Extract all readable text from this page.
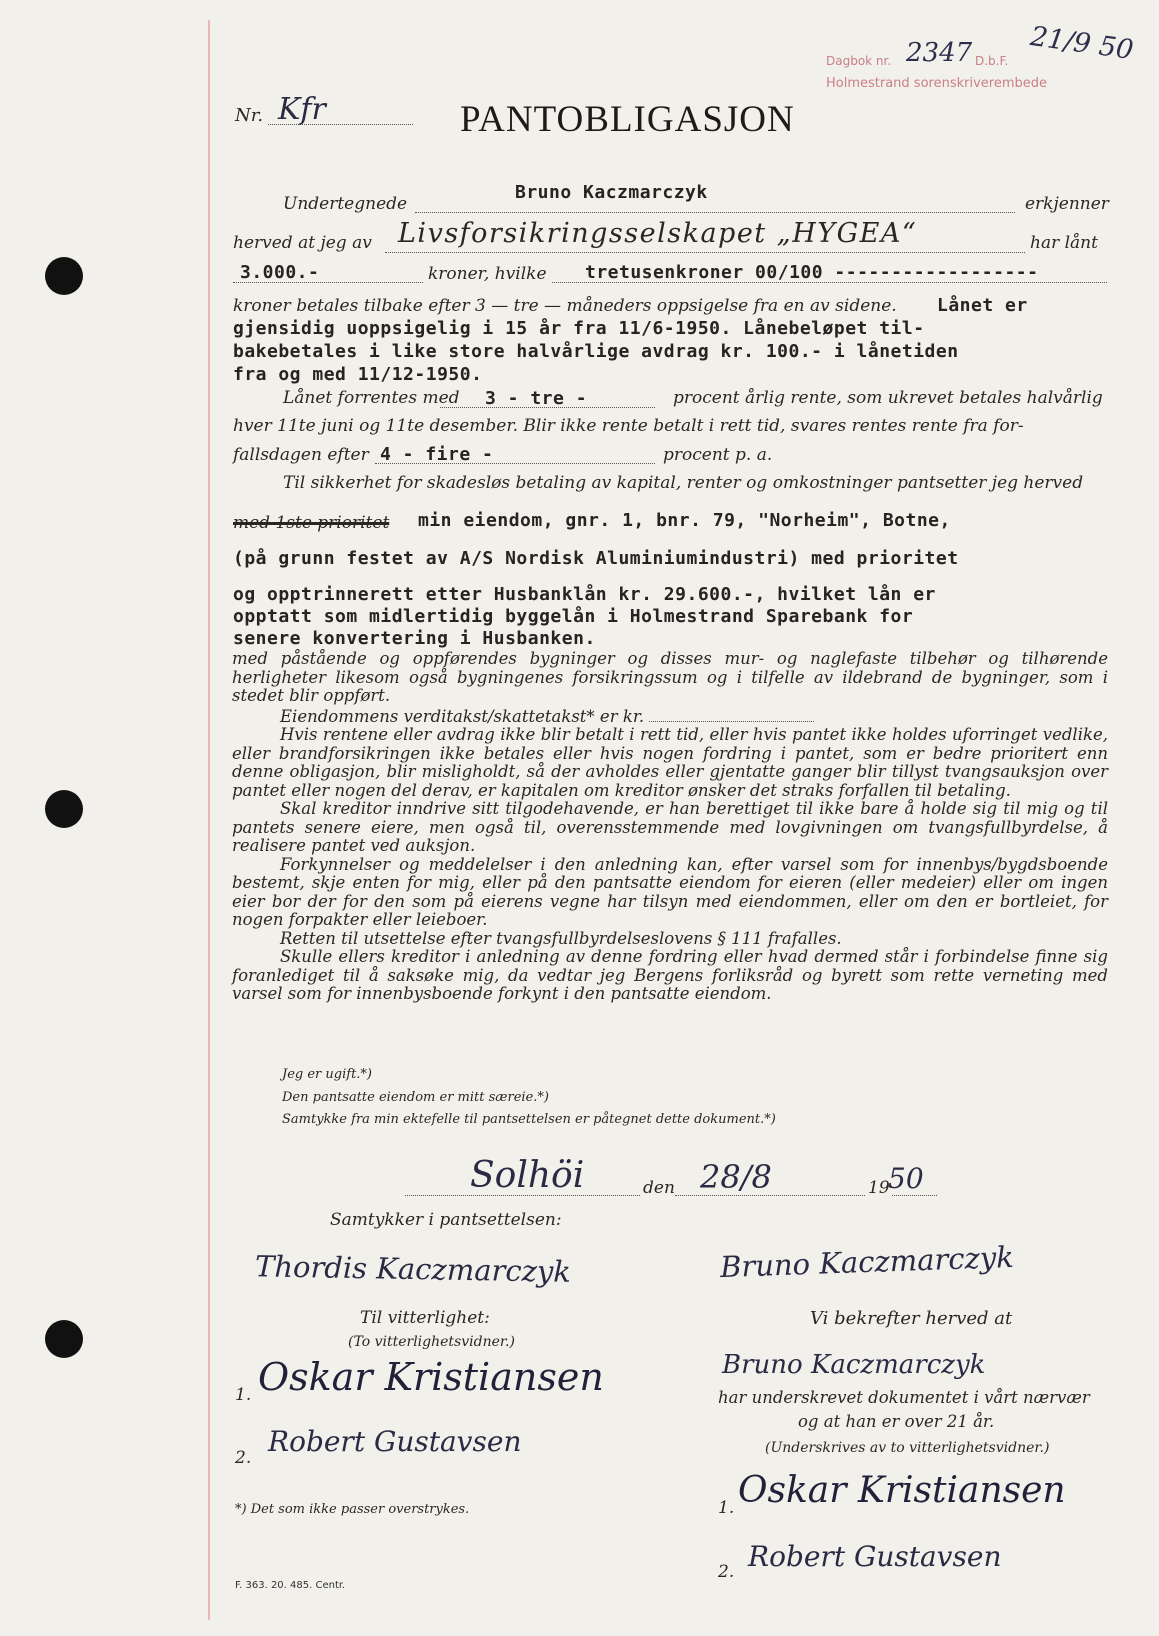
Dagbok nr. 2347 D.b.F. 21/9 50
Holmestrand sorenskriverembede
Nr. Kfr	PANTOBLIGASJON
Undertegnede
Bruno Kaczmarczyk
erkjenner
herved at jeg av Livsforsikringsselskapet „HYGEA“	har lånt
3.000.-	kroner, hvilke tretusenkroner 00/100 ------------------
kroner betales tilbake efter 3 — tre — måneders oppsigelse fra en av sidene. Lånet er
gjensidig uoppsigelig i 15 år fra 11/6-1950. Lånebeløpet til-
bakebetales i like store halvårlige avdrag kr. 100.- i lånetiden
fra og med 11/12-1950.
Lånet forrentes med 3 - tre -	procent årlig rente, som ukrevet betales halvårlig
hver 11te juni og 11te desember. Blir ikke rente betalt i rett tid, svares rentes rente fra for-
fallsdagen efter 4 - fire -	procent p. a.
Til sikkerhet for skadesløs betaling av kapital, renter og omkostninger pantsetter jeg herved
med 1ste prioritet min eiendom, gnr. 1, bnr. 79, "Norheim", Botne,
(på grunn festet av A/S Nordisk Aluminiumindustri) med prioritet
og opptrinnerett etter Husbanklån kr. 29.600.-, hvilket lån er
opptatt som midlertidig byggelån i Holmestrand Sparebank for
senere konvertering i Husbanken.

med påstående og oppførendes bygninger og disses mur- og naglefaste tilbehør og tilhørende herligheter likesom også bygningenes forsikringssum og i tilfelle av ildebrand de bygninger, som i stedet blir oppført.

Eiendommens verditakst/skattetakst* er kr.

Hvis rentene eller avdrag ikke blir betalt i rett tid, eller hvis pantet ikke holdes uforringet vedlike, eller brandforsikringen ikke betales eller hvis nogen fordring i pantet, som er bedre prioritert enn denne obligasjon, blir misligholdt, så der avholdes eller gjentatte ganger blir tillyst tvangsauksjon over pantet eller nogen del derav, er kapitalen om kreditor ønsker det straks forfallen til betaling.

Skal kreditor inndrive sitt tilgodehavende, er han berettiget til ikke bare å holde sig til mig og til pantets senere eiere, men også til, overensstemmende med lovgivningen om tvangsfullbyrdelse, å realisere pantet ved auksjon.

Forkynnelser og meddelelser i den anledning kan, efter varsel som for innenbys/bygdsboende bestemt, skje enten for mig, eller på den pantsatte eiendom for eieren (eller medeier) eller om ingen eier bor der for den som på eierens vegne har tilsyn med eiendommen, eller om den er bortleiet, for nogen forpakter eller leieboer.

Retten til utsettelse efter tvangsfullbyrdelseslovens § 111 frafalles.

Skulle ellers kreditor i anledning av denne fordring eller hvad dermed står i forbindelse finne sig foranlediget til å saksøke mig, da vedtar jeg Bergens forliksråd og byrett som rette verneting med varsel som for innenbysboende forkynt i den pantsatte eiendom.

Jeg er ugift.*)
Den pantsatte eiendom er mitt særeie.*)
Samtykke fra min ektefelle til pantsettelsen er påtegnet dette dokument.*)
Solhöi	den 28/8	19
50
Samtykker i pantsettelsen:
Thordis Kaczmarczyk	Bruno Kaczmarczyk
Til vitterlighet:
(To vitterlighetsvidner.)
1. Oskar Kristiansen
2. Robert Gustavsen
*) Det som ikke passer overstrykes.
F. 363. 20. 485. Centr.
Vi bekrefter herved at
Bruno Kaczmarczyk
har underskrevet dokumentet i vårt nærvær
og at han er over 21 år.
(Underskrives av to vitterlighetsvidner.)
1. Oskar Kristiansen
2. Robert Gustavsen
